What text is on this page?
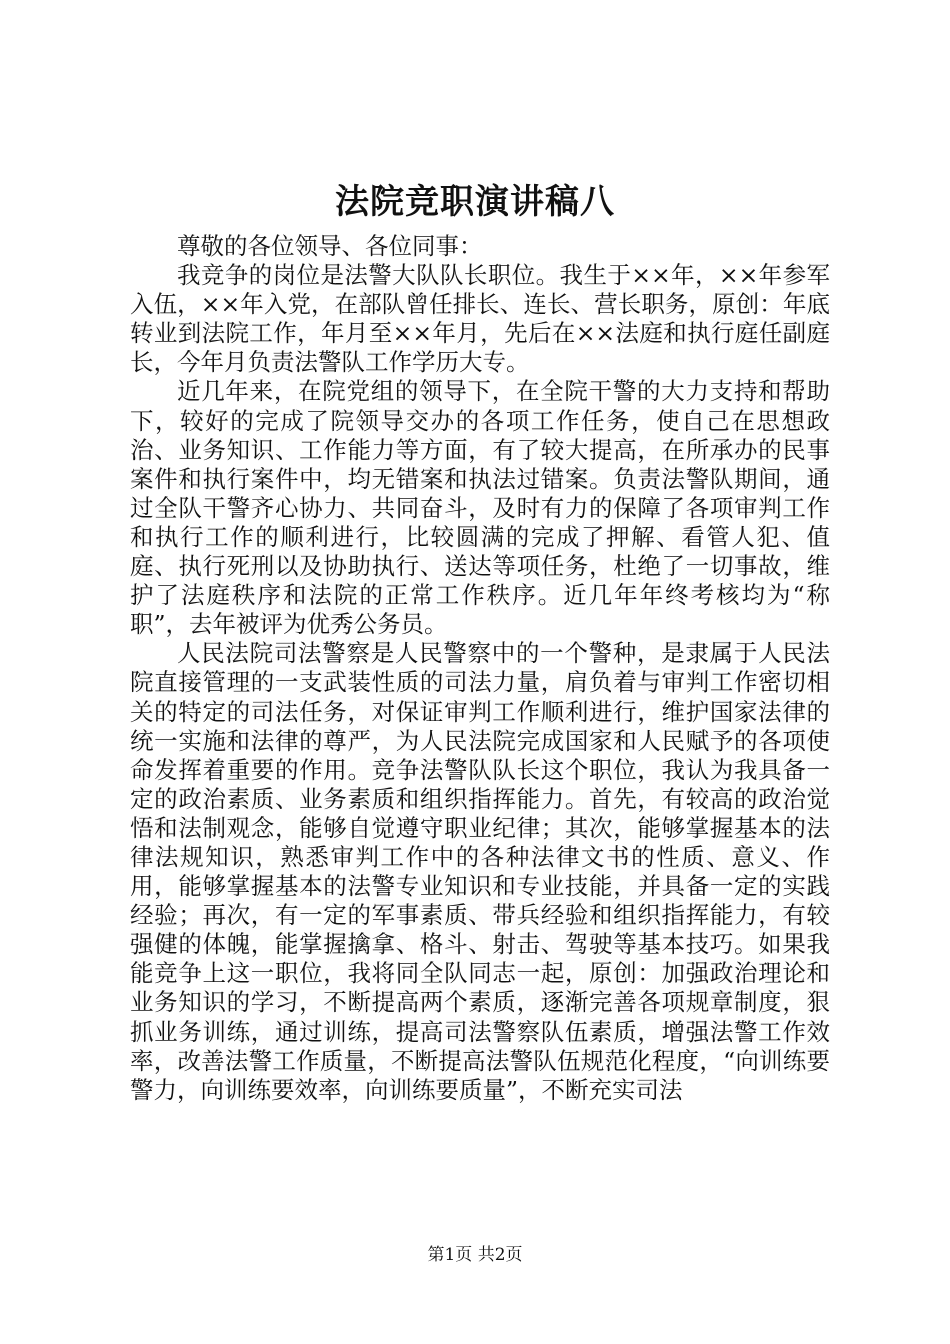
法院竞职演讲稿八

尊敬的各位领导、各位同事：

我竞争的岗位是法警大队队长职位。我生于××年，××年参军入伍，××年入党，在部队曾任排长、连长、营长职务，原创：年底转业到法院工作，年月至××年月，先后在××法庭和执行庭任副庭长，今年月负责法警队工作学历大专。

近几年来，在院党组的领导下，在全院干警的大力支持和帮助下，较好的完成了院领导交办的各项工作任务，使自己在思想政治、业务知识、工作能力等方面，有了较大提高，在所承办的民事案件和执行案件中，均无错案和执法过错案。负责法警队期间，通过全队干警齐心协力、共同奋斗，及时有力的保障了各项审判工作和执行工作的顺利进行，比较圆满的完成了押解、看管人犯、值庭、执行死刑以及协助执行、送达等项任务，杜绝了一切事故，维护了法庭秩序和法院的正常工作秩序。近几年年终考核均为“称职”，去年被评为优秀公务员。

人民法院司法警察是人民警察中的一个警种，是隶属于人民法院直接管理的一支武装性质的司法力量，肩负着与审判工作密切相关的特定的司法任务，对保证审判工作顺利进行，维护国家法律的统一实施和法律的尊严，为人民法院完成国家和人民赋予的各项使命发挥着重要的作用。竞争法警队队长这个职位，我认为我具备一定的政治素质、业务素质和组织指挥能力。首先，有较高的政治觉悟和法制观念，能够自觉遵守职业纪律；其次，能够掌握基本的法律法规知识，熟悉审判工作中的各种法律文书的性质、意义、作用，能够掌握基本的法警专业知识和专业技能，并具备一定的实践经验；再次，有一定的军事素质、带兵经验和组织指挥能力，有较强健的体魄，能掌握擒拿、格斗、射击、驾驶等基本技巧。如果我能竞争上这一职位，我将同全队同志一起，原创：加强政治理论和业务知识的学习，不断提高两个素质，逐渐完善各项规章制度，狠抓业务训练，通过训练，提高司法警察队伍素质，增强法警工作效率，改善法警工作质量，不断提高法警队伍规范化程度，“向训练要警力，向训练要效率，向训练要质量”，不断充实司法

第1页 共2页
